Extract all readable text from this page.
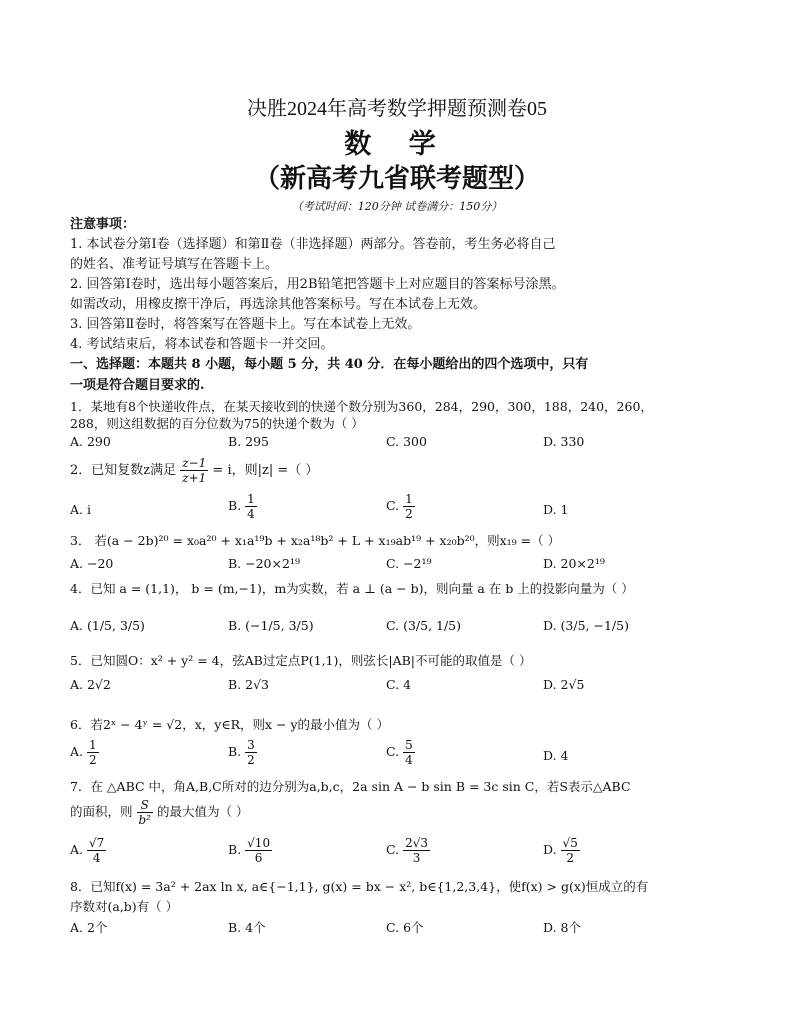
决胜2024年高考数学押题预测卷05
数 学
（新高考九省联考题型）
（考试时间：120分钟 试卷满分：150分）
注意事项：
1. 本试卷分第Ⅰ卷（选择题）和第Ⅱ卷（非选择题）两部分。答卷前，考生务必将自己
的姓名、准考证号填写在答题卡上。
2. 回答第Ⅰ卷时，选出每小题答案后，用2B铅笔把答题卡上对应题目的答案标号涂黑。
如需改动，用橡皮擦干净后，再选涂其他答案标号。写在本试卷上无效。
3. 回答第Ⅱ卷时，将答案写在答题卡上。写在本试卷上无效。
4. 考试结束后，将本试卷和答题卡一并交回。
一、选择题：本题共 8 小题，每小题 5 分，共 40 分．在每小题给出的四个选项中，只有
一项是符合题目要求的.
1．某地有8个快递收件点，在某天接收到的快递个数分别为360，284，290，300，188，240，260，
288，则这组数据的百分位数为75的快递个数为（ ）
A. 290	B. 295	C. 300	D. 330
2．已知复数z满足 $\frac{z-1}{z+1} = i$，则|z| =（ ）
A. i	B. $\frac{1}{4}$	C. $\frac{1}{2}$	D. 1
3． 若(a − 2b)²⁰ = x₀a²⁰ + x₁a¹⁹b + x₂a¹⁸b² + L + x₁₉ab¹⁹ + x₂₀b²⁰，则x₁₉ =（ ）
A. −20	B. −20×2¹⁹	C. −2¹⁹	D. 20×2¹⁹
4．已知 a = (1,1)， b = (m,−1)，m为实数，若 a ⊥ (a − b)，则向量 a 在 b 上的投影向量为（ ）
A. (1/5, 3/5)	B. (−1/5, 3/5)	C. (3/5, 1/5)	D. (3/5, −1/5)
5．已知圆O：x² + y² = 4，弦AB过定点P(1,1)，则弦长|AB|不可能的取值是（ ）
A. 2√2	B. 2√3	C. 4	D. 2√5
6．若2ˣ − 4ʸ = √2，x，y∈R，则x − y的最小值为（ ）
A. $\frac{1}{2}$	B. $\frac{3}{2}$	C. $\frac{5}{4}$	D. 4
7．在 △ABC 中，角A,B,C所对的边分别为a,b,c，2a sin A − b sin B = 3c sin C，若S表示△ABC
的面积，则 $\frac{S}{\text{b²}}$ 的最大值为（ ）
A. $\frac{√7}{4}$	B. $\frac{√10}{6}$	C. $\frac{2√3}{3}$	D. $\frac{√5}{2}$
8．已知f(x) = 3a² + 2ax ln x, a∈{−1,1}, g(x) = bx − x², b∈{1,2,3,4}，使f(x) > g(x)恒成立的有
序数对(a,b)有（ ）
A. 2个	B. 4个	C. 6个	D. 8个
